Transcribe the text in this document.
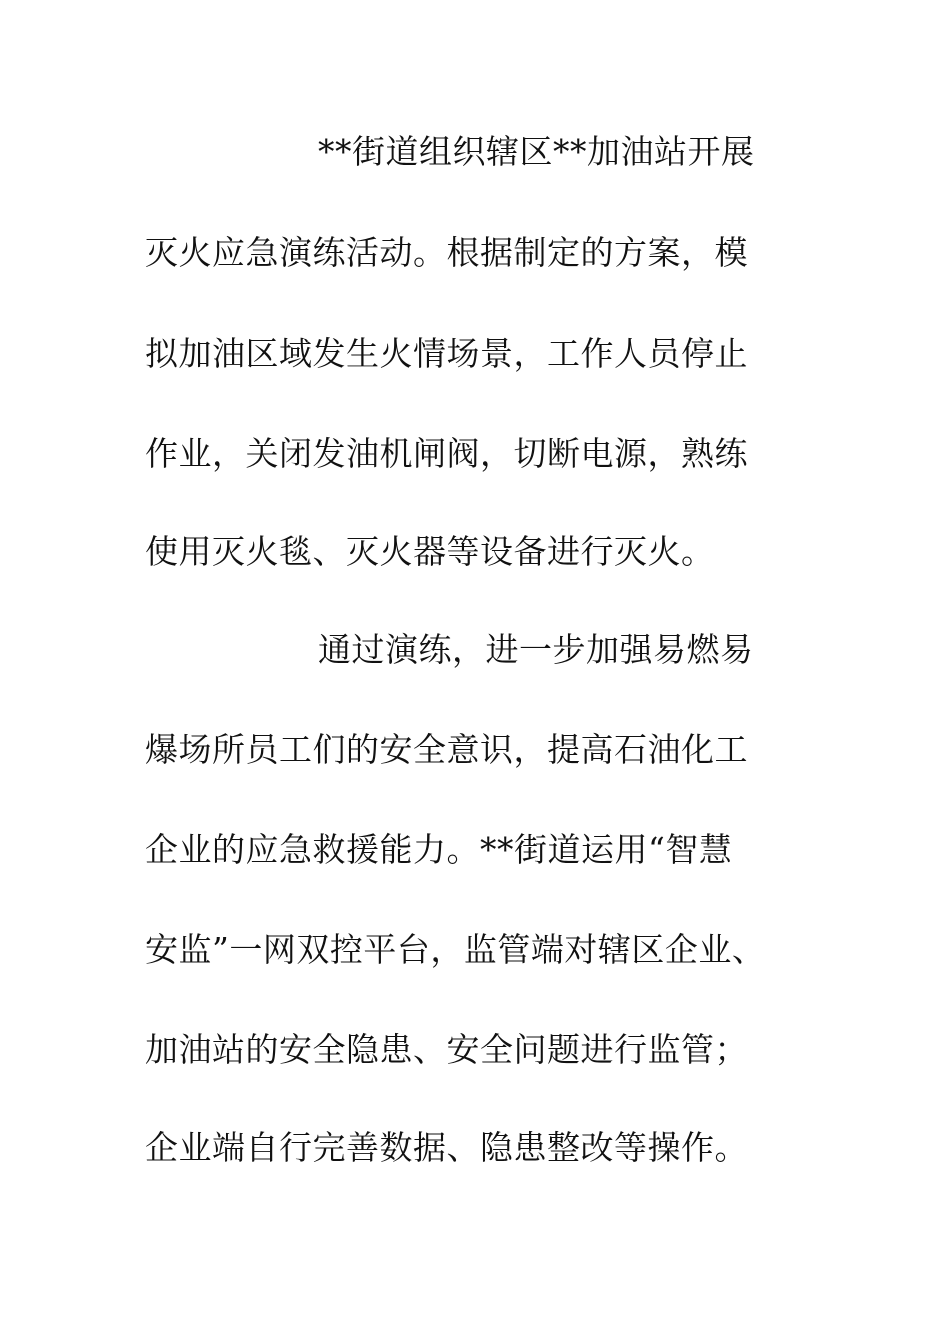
**街道组织辖区**加油站开展
灭火应急演练活动。根据制定的方案，模
拟加油区域发生火情场景，工作人员停止
作业，关闭发油机闸阀，切断电源，熟练
使用灭火毯、灭火器等设备进行灭火。
通过演练，进一步加强易燃易
爆场所员工们的安全意识，提高石油化工
企业的应急救援能力。**街道运用“智慧
安监”一网双控平台，监管端对辖区企业、
加油站的安全隐患、安全问题进行监管；
企业端自行完善数据、隐患整改等操作。
